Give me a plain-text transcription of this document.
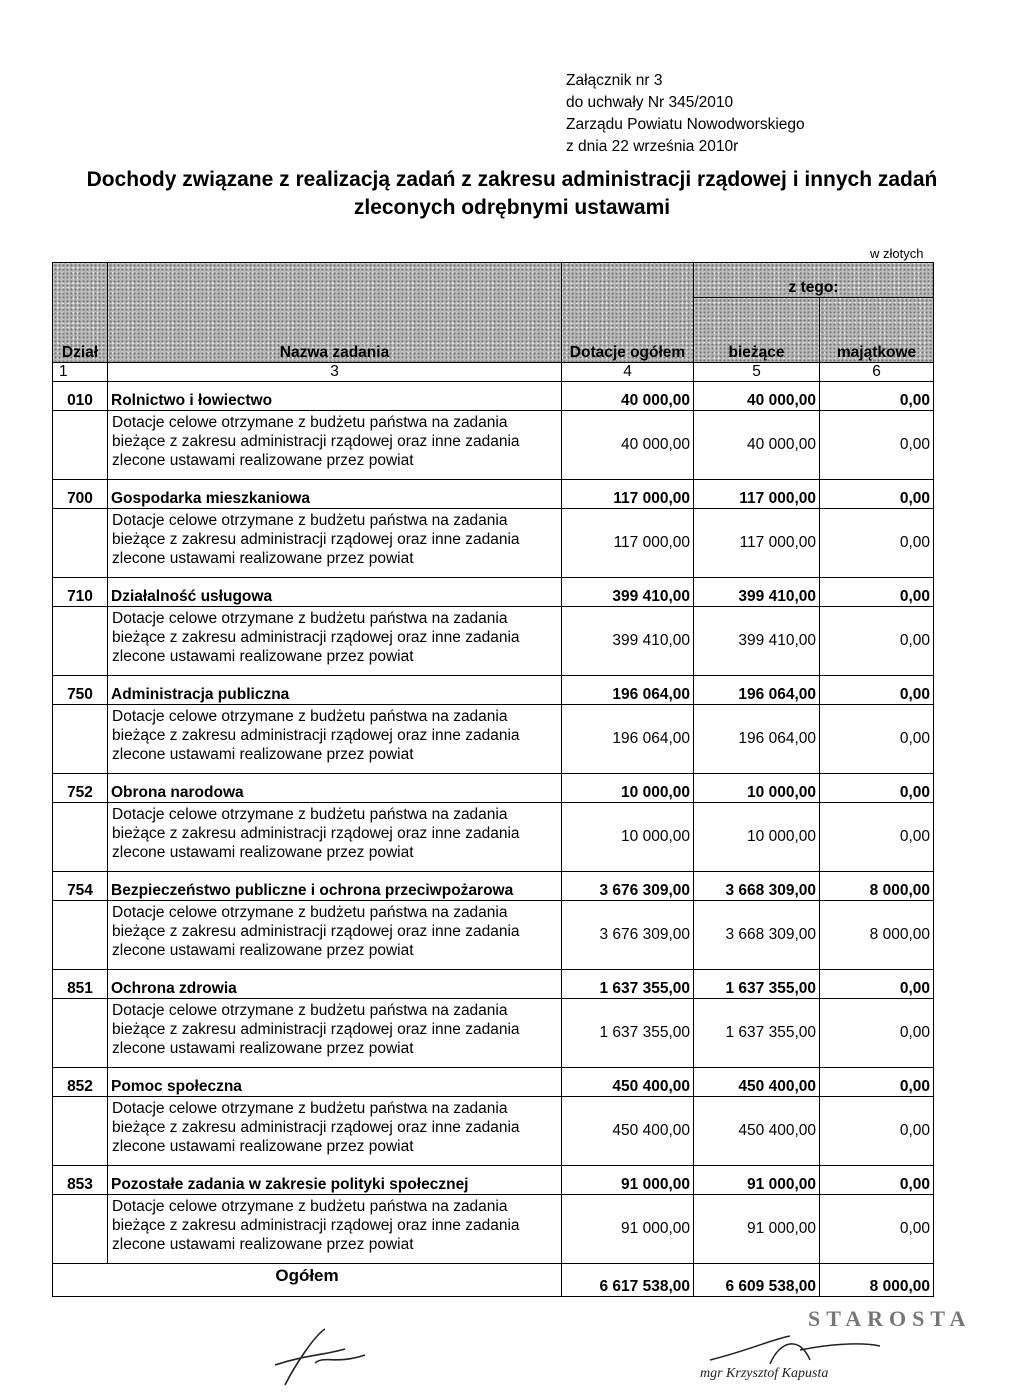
Załącznik nr 3
do uchwały Nr 345/2010
Zarządu Powiatu Nowodworskiego
z dnia 22 września 2010r
Dochody związane z realizacją zadań z zakresu administracji rządowej i innych zadań
zleconych odrębnymi ustawami
w złotych
Dział	Nazwa zadania	Dotacje ogółem	z tego:	
			bieżące	majątkowe
1	3	4	5	6
010	Rolnictwo i łowiectwo	40 000,00	40 000,00	0,00

	Dotacje celowe otrzymane z budżetu państwa na zadania
bieżące z zakresu administracji rządowej oraz inne zadania
zlecone ustawami realizowane przez powiat	40 000,00	40 000,00	0,00
700	Gospodarka mieszkaniowa	117 000,00	117 000,00	0,00

	Dotacje celowe otrzymane z budżetu państwa na zadania
bieżące z zakresu administracji rządowej oraz inne zadania
zlecone ustawami realizowane przez powiat	117 000,00	117 000,00	0,00
710	Działalność usługowa	399 410,00	399 410,00	0,00

	Dotacje celowe otrzymane z budżetu państwa na zadania
bieżące z zakresu administracji rządowej oraz inne zadania
zlecone ustawami realizowane przez powiat	399 410,00	399 410,00	0,00
750	Administracja publiczna	196 064,00	196 064,00	0,00

	Dotacje celowe otrzymane z budżetu państwa na zadania
bieżące z zakresu administracji rządowej oraz inne zadania
zlecone ustawami realizowane przez powiat	196 064,00	196 064,00	0,00
752	Obrona narodowa	10 000,00	10 000,00	0,00

	Dotacje celowe otrzymane z budżetu państwa na zadania
bieżące z zakresu administracji rządowej oraz inne zadania
zlecone ustawami realizowane przez powiat	10 000,00	10 000,00	0,00
754	Bezpieczeństwo publiczne i ochrona przeciwpożarowa	3 676 309,00	3 668 309,00	8 000,00

	Dotacje celowe otrzymane z budżetu państwa na zadania
bieżące z zakresu administracji rządowej oraz inne zadania
zlecone ustawami realizowane przez powiat	3 676 309,00	3 668 309,00	8 000,00
851	Ochrona zdrowia	1 637 355,00	1 637 355,00	0,00

	Dotacje celowe otrzymane z budżetu państwa na zadania
bieżące z zakresu administracji rządowej oraz inne zadania
zlecone ustawami realizowane przez powiat	1 637 355,00	1 637 355,00	0,00
852	Pomoc społeczna	450 400,00	450 400,00	0,00

	Dotacje celowe otrzymane z budżetu państwa na zadania
bieżące z zakresu administracji rządowej oraz inne zadania
zlecone ustawami realizowane przez powiat	450 400,00	450 400,00	0,00
853	Pozostałe zadania w zakresie polityki społecznej	91 000,00	91 000,00	0,00

	Dotacje celowe otrzymane z budżetu państwa na zadania
bieżące z zakresu administracji rządowej oraz inne zadania
zlecone ustawami realizowane przez powiat	91 000,00	91 000,00	0,00
Ogółem		6 617 538,00	6 609 538,00	8 000,00
STAROSTA
mgr Krzysztof Kapusta
